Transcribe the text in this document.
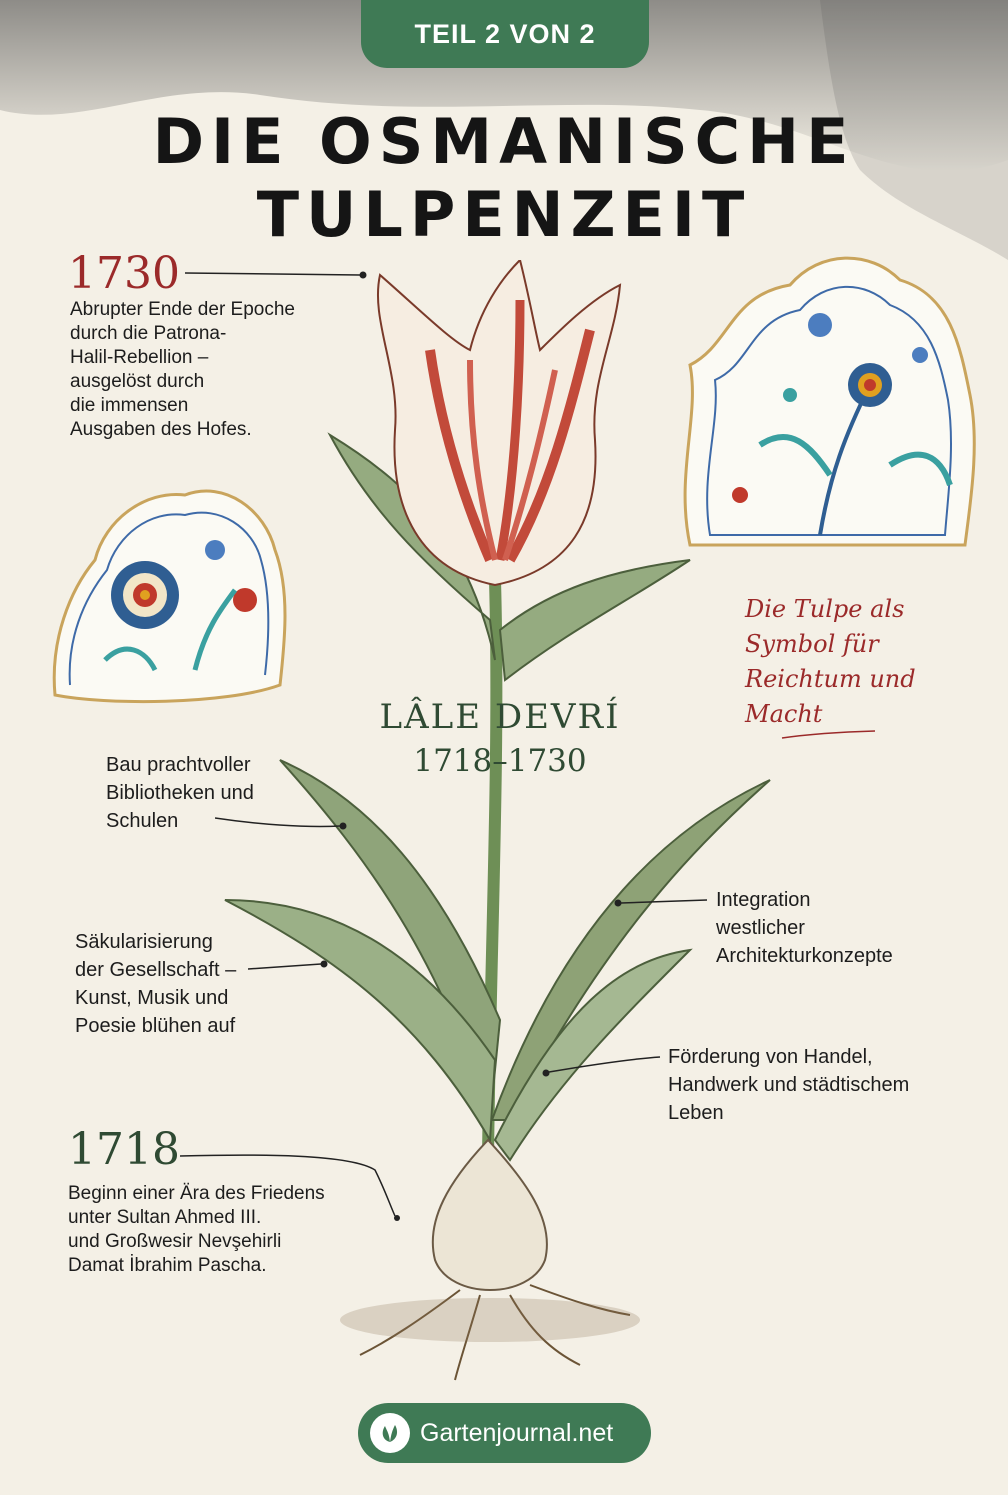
TEIL 2 VON 2
DIE OSMANISCHE
TULPENZEIT
1730
Abrupter Ende der Epoche
durch die Patrona-
Halil-Rebellion –
ausgelöst durch
die immensen
Ausgaben des Hofes.
LÂLE DEVRÍ
1718–1730
Die Tulpe als
Symbol für
Reichtum und
Macht
Bau prachtvoller
Bibliotheken und
Schulen
Integration
westlicher
Architekturkonzepte
Säkularisierung
der Gesellschaft –
Kunst, Musik und
Poesie blühen auf
Förderung von Handel,
Handwerk und städtischem
Leben
1718
Beginn einer Ära des Friedens
unter Sultan Ahmed III.
und Großwesir Nevşehirli
Damat İbrahim Pascha.
Gartenjournal.net
